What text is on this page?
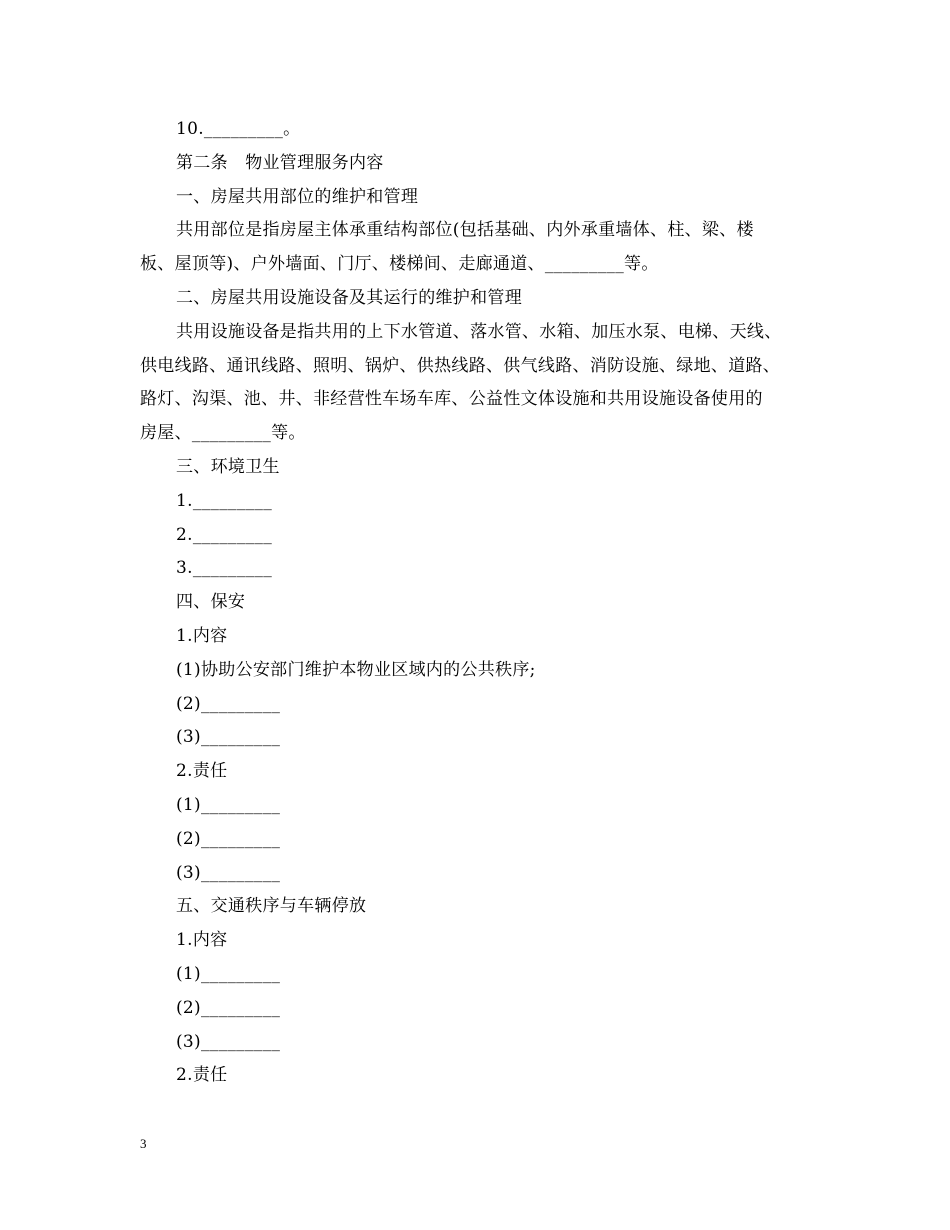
10._________。
第二条　物业管理服务内容
一、房屋共用部位的维护和管理
共用部位是指房屋主体承重结构部位(包括基础、内外承重墙体、柱、梁、楼
板、屋顶等)、户外墙面、门厅、楼梯间、走廊通道、_________等。
二、房屋共用设施设备及其运行的维护和管理
共用设施设备是指共用的上下水管道、落水管、水箱、加压水泵、电梯、天线、
供电线路、通讯线路、照明、锅炉、供热线路、供气线路、消防设施、绿地、道路、
路灯、沟渠、池、井、非经营性车场车库、公益性文体设施和共用设施设备使用的
房屋、_________等。
三、环境卫生
1._________
2._________
3._________
四、保安
1.内容
(1)协助公安部门维护本物业区域内的公共秩序;
(2)_________
(3)_________
2.责任
(1)_________
(2)_________
(3)_________
五、交通秩序与车辆停放
1.内容
(1)_________
(2)_________
(3)_________
2.责任
3
